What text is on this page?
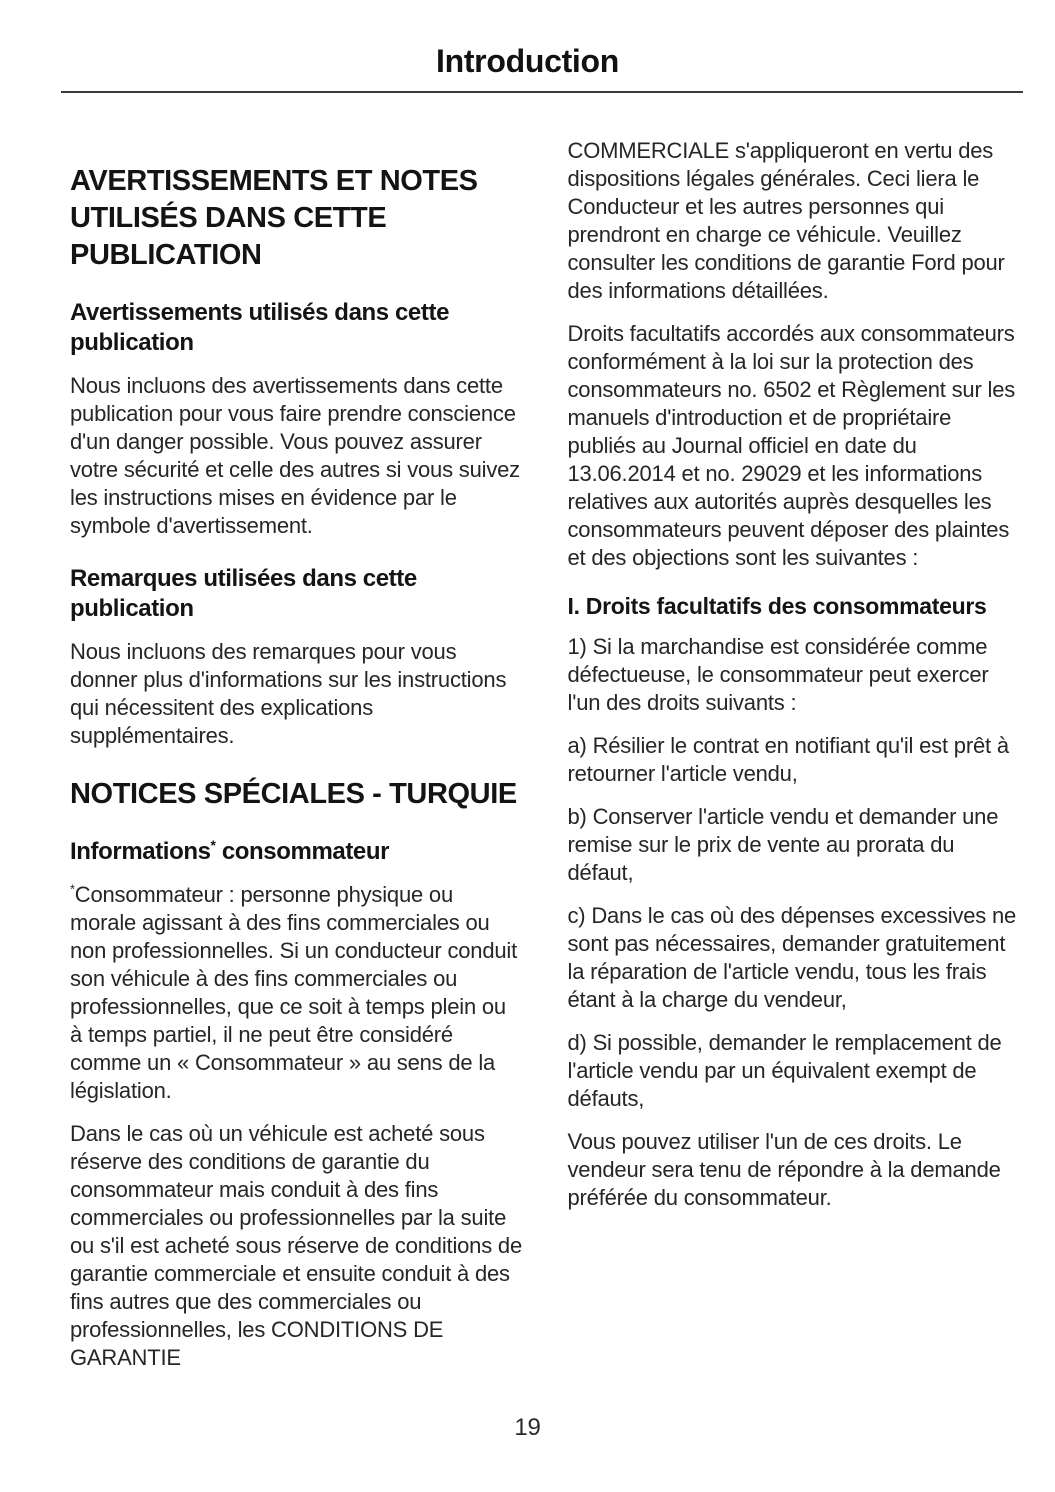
Introduction
AVERTISSEMENTS ET NOTES UTILISÉS DANS CETTE PUBLICATION
Avertissements utilisés dans cette publication

Nous incluons des avertissements dans cette publication pour vous faire prendre conscience d'un danger possible. Vous pouvez assurer votre sécurité et celle des autres si vous suivez les instructions mises en évidence par le symbole d'avertissement.

Remarques utilisées dans cette publication

Nous incluons des remarques pour vous donner plus d'informations sur les instructions qui nécessitent des explications supplémentaires.

NOTICES SPÉCIALES - TURQUIE
Informations* consommateur

*Consommateur : personne physique ou morale agissant à des fins commerciales ou non professionnelles. Si un conducteur conduit son véhicule à des fins commerciales ou professionnelles, que ce soit à temps plein ou à temps partiel, il ne peut être considéré comme un « Consommateur » au sens de la législation.

Dans le cas où un véhicule est acheté sous réserve des conditions de garantie du consommateur mais conduit à des fins commerciales ou professionnelles par la suite ou s'il est acheté sous réserve de conditions de garantie commerciale et ensuite conduit à des fins autres que des commerciales ou professionnelles, les CONDITIONS DE GARANTIE

COMMERCIALE s'appliqueront en vertu des dispositions légales générales. Ceci liera le Conducteur et les autres personnes qui prendront en charge ce véhicule. Veuillez consulter les conditions de garantie Ford pour des informations détaillées.

Droits facultatifs accordés aux consommateurs conformément à la loi sur la protection des consommateurs no. 6502 et Règlement sur les manuels d'introduction et de propriétaire publiés au Journal officiel en date du 13.06.2014 et no. 29029 et les informations relatives aux autorités auprès desquelles les consommateurs peuvent déposer des plaintes et des objections sont les suivantes :

I. Droits facultatifs des consommateurs

1) Si la marchandise est considérée comme défectueuse, le consommateur peut exercer l'un des droits suivants :

a) Résilier le contrat en notifiant qu'il est prêt à retourner l'article vendu,

b) Conserver l'article vendu et demander une remise sur le prix de vente au prorata du défaut,

c) Dans le cas où des dépenses excessives ne sont pas nécessaires, demander gratuitement la réparation de l'article vendu, tous les frais étant à la charge du vendeur,

d) Si possible, demander le remplacement de l'article vendu par un équivalent exempt de défauts,

Vous pouvez utiliser l'un de ces droits. Le vendeur sera tenu de répondre à la demande préférée du consommateur.

19
